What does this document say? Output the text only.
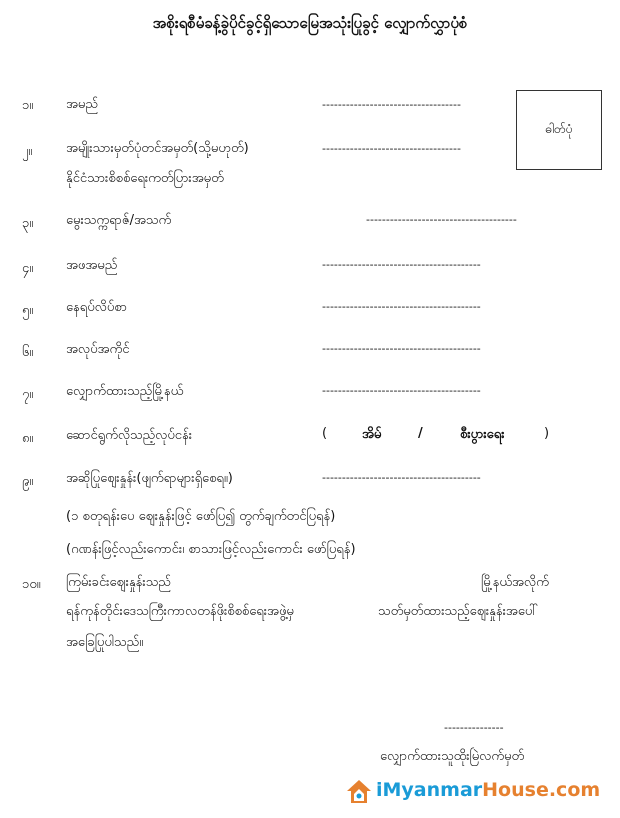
အစိုးရစီမံခန့်ခွဲပိုင်ခွင့်ရှိသောမြေအသုံးပြုခွင့် လျှောက်လွှာပုံစံ
ဓါတ်ပုံ
၁။	အမည်	-----------------------------------
၂။	အမျိုးသားမှတ်ပုံတင်အမှတ်(သို့မဟုတ်)
နိုင်ငံသားစိစစ်ရေးကတ်ပြားအမှတ်
-----------------------------------
၃။	မွေးသက္ကရာဇ်/အသက်	--------------------------------------
၄။	အဖအမည်	----------------------------------------
၅။	နေရပ်လိပ်စာ	----------------------------------------
၆။	အလုပ်အကိုင်	----------------------------------------
၇။	လျှောက်ထားသည့်မြို့နယ်	----------------------------------------
၈။	ဆောင်ရွက်လိုသည့်လုပ်ငန်း	(	အိမ်	/	စီးပွားရေး	)
၉။	အဆိုပြုဈေးနှုန်း(ဖျက်ရာများရှိစေရ။)	----------------------------------------
(၁ စတုရန်းပေ ဈေးနှုန်းဖြင့် ဖော်ပြ၍ တွက်ချက်တင်ပြရန်)
(ဂဏန်းဖြင့်လည်းကောင်း၊ စာသားဖြင့်လည်းကောင်း ဖော်ပြရန်)
၁၀။ ကြမ်းခင်းဈေးနှုန်းသည်	မြို့နယ်အလိုက်
ရန်ကုန်တိုင်းဒေသကြီးကာလတန်ဖိုးစိစစ်ရေးအဖွဲ့မှ	သတ်မှတ်ထားသည့်ဈေးနှုန်းအပေါ်
အခြေပြုပါသည်။
---------------
လျှောက်ထားသူထိုးမြဲလက်မှတ်
iMyanmarHouse.com
